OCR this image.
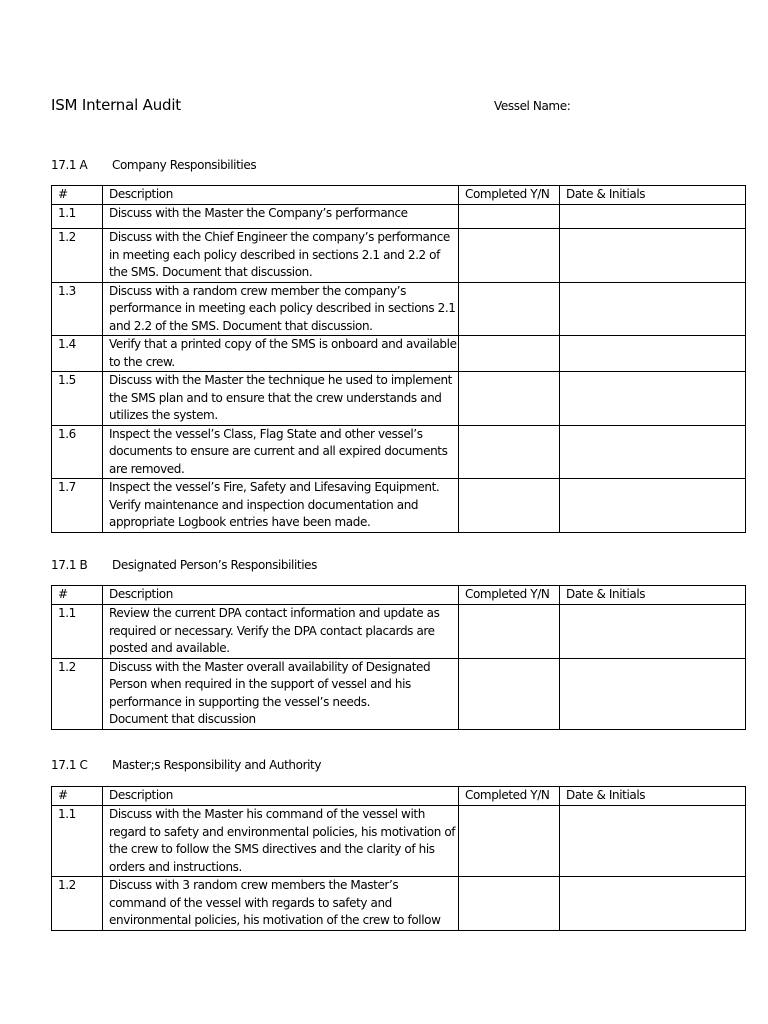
ISM Internal Audit	Vessel Name:
17.1 A Company Responsibilities
#	Description	Completed Y/N	Date & Initials
1.1	Discuss with the Master the Company’s performance		
1.2	Discuss with the Chief Engineer the company’s performance in meeting each policy described in sections 2.1 and 2.2 of the SMS. Document that discussion.		
1.3	Discuss with a random crew member the company’s performance in meeting each policy described in sections 2.1 and 2.2 of the SMS. Document that discussion.		
1.4	Verify that a printed copy of the SMS is onboard and available to the crew.		
1.5	Discuss with the Master the technique he used to implement the SMS plan and to ensure that the crew understands and utilizes the system.		
1.6	Inspect the vessel’s Class, Flag State and other vessel’s documents to ensure are current and all expired documents are removed.		
1.7	Inspect the vessel’s Fire, Safety and Lifesaving Equipment. Verify maintenance and inspection documentation and appropriate Logbook entries have been made.		
17.1 B Designated Person’s Responsibilities
#	Description	Completed Y/N	Date & Initials
1.1	Review the current DPA contact information and update as required or necessary. Verify the DPA contact placards are posted and available.		
1.2	Discuss with the Master overall availability of Designated Person when required in the support of vessel and his performance in supporting the vessel’s needs.
Document that discussion		
17.1 C Master;s Responsibility and Authority
#	Description	Completed Y/N	Date & Initials
1.1	Discuss with the Master his command of the vessel with regard to safety and environmental policies, his motivation of the crew to follow the SMS directives and the clarity of his orders and instructions.		
1.2	Discuss with 3 random crew members the Master’s command of the vessel with regards to safety and environmental policies, his motivation of the crew to follow		
